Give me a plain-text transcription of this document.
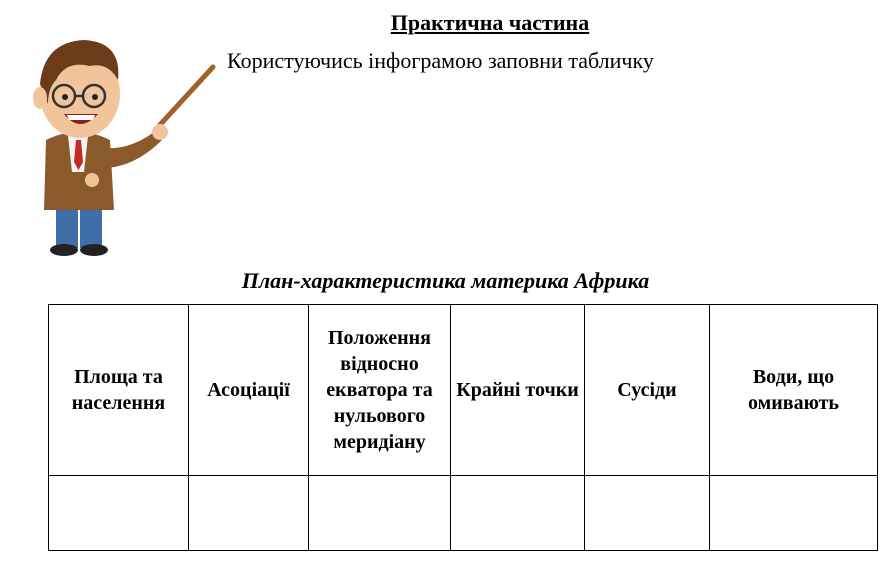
Практична частина
Користуючись інфограмою заповни табличку
План-характеристика материка Африка
Площа та населення	Асоціації	Положення відносно екватора та нульового меридіану	Крайні точки	Сусіди	Води, що омивають
